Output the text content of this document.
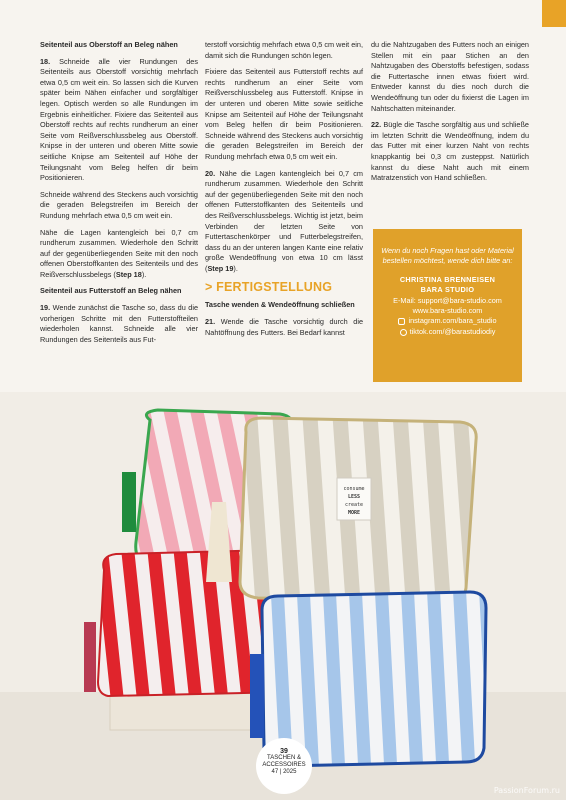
Seitenteil aus Oberstoff an Beleg nähen

18. Schneide alle vier Rundungen des Seitenteils aus Oberstoff vorsichtig mehrfach etwa 0,5 cm weit ein. So lassen sich die Kurven später beim Nähen einfacher und sorgfältiger legen. Optisch werden so alle Rundungen im Ergebnis einheitlicher. Fixiere das Seitenteil aus Oberstoff rechts auf rechts rundherum an einer Seite vom Reißverschlussbeleg aus Oberstoff. Knipse in der unteren und oberen Mitte sowie seitliche Knipse am Seitenteil auf Höhe der Teilungsnaht vom Beleg helfen dir beim Positionieren.

Schneide während des Steckens auch vorsichtig die geraden Belegstreifen im Bereich der Rundung mehrfach etwa 0,5 cm weit ein.

Nähe die Lagen kantengleich bei 0,7 cm rundherum zusammen. Wiederhole den Schritt auf der gegenüberliegenden Seite mit den noch offenen Oberstoffkanten des Seitenteils und des Reißverschlussbelegs (Step 18).

Seitenteil aus Futterstoff an Beleg nähen

19. Wende zunächst die Tasche so, dass du die vorherigen Schritte mit den Futterstoffteilen wiederholen kannst. Schneide alle vier Rundungen des Seitenteils aus Fut-

terstoff vorsichtig mehrfach etwa 0,5 cm weit ein, damit sich die Rundungen schön legen.

Fixiere das Seitenteil aus Futterstoff rechts auf rechts rundherum an einer Seite vom Reißverschlussbeleg aus Futterstoff. Knipse in der unteren und oberen Mitte sowie seitliche Knipse am Seitenteil auf Höhe der Teilungsnaht vom Beleg helfen dir beim Positionieren. Schneide während des Steckens auch vorsichtig die geraden Belegstreifen im Bereich der Rundung mehrfach etwa 0,5 cm weit ein.

20. Nähe die Lagen kantengleich bei 0,7 cm rundherum zusammen. Wiederhole den Schritt auf der gegenüberliegenden Seite mit den noch offenen Futterstoffkanten des Seitenteils und des Reißverschlussbelegs. Wichtig ist jetzt, beim Verbinden der letzten Seite von Futtertaschenkörper und Futterbelegstreifen, dass du an der unteren langen Kante eine relativ große Wendeöffnung von etwa 10 cm lässt (Step 19).

> FERTIGSTELLUNG

Tasche wenden & Wendeöffnung schließen

21. Wende die Tasche vorsichtig durch die Nahtöffnung des Futters. Bei Bedarf kannst

du die Nahtzugaben des Futters noch an einigen Stellen mit ein paar Stichen an den Nahtzugaben des Oberstoffs befestigen, sodass die Futtertasche innen etwas fixiert wird. Entweder kannst du dies noch durch die Wendeöffnung tun oder du fixierst die Lagen im Nahtschatten miteinander.

22. Bügle die Tasche sorgfältig aus und schließe im letzten Schritt die Wendeöffnung, indem du das Futter mit einer kurzen Naht von rechts knappkantig bei 0,3 cm zusteppst. Natürlich kannst du diese Naht auch mit einem Matratzenstich von Hand schließen.

Wenn du noch Fragen hast oder Material bestellen möchtest, wende dich bitte an:

CHRISTINA BRENNEISEN

BARA STUDIO

E-Mail: support@bara-studio.com

www.bara-studio.com

instagram.com/bara_studio

tiktok.com/@barastudiodiy

consume
LESS
create
MORE
39
TASCHEN &
ACCESSOIRES
47 | 2025
PassionForum.ru
